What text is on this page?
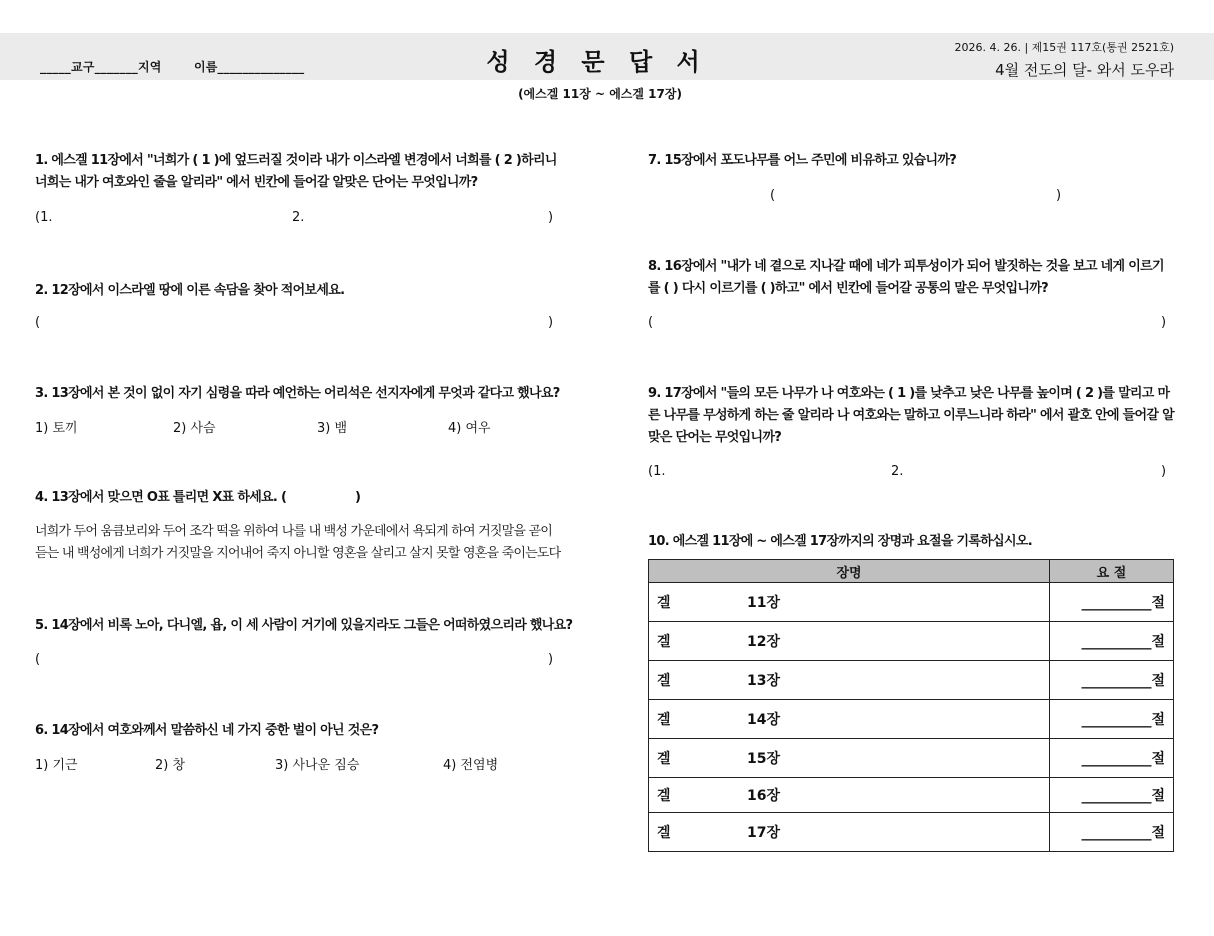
_____교구_______지역	이름______________	성 경 문 답 서
(에스겔 11장 ~ 에스겔 17장)
2026. 4. 26. | 제15권 117호(통권 2521호)
4월 전도의 달- 와서 도우라
1. 에스겔 11장에서 "너희가 ( 1 )에 엎드러질 것이라 내가 이스라엘 변경에서 너희를 ( 2 )하리니 너희는 내가 여호와인 줄을 알리라" 에서 빈칸에 들어갈 알맞은 단어는 무엇입니까?
(1.	2.	)
2. 12장에서 이스라엘 땅에 이른 속담을 찾아 적어보세요.
(	)
3. 13장에서 본 것이 없이 자기 심령을 따라 예언하는 어리석은 선지자에게 무엇과 같다고 했나요?
1) 토끼	2) 사슴	3) 뱀	4) 여우
4. 13장에서 맞으면 O표 틀리면 X표 하세요. (	)
너희가 두어 움큼보리와 두어 조각 떡을 위하여 나를 내 백성 가운데에서 욕되게 하여 거짓말을 곧이 듣는 내 백성에게 너희가 거짓말을 지어내어 죽지 아니할 영혼을 살리고 살지 못할 영혼을 죽이는도다
5. 14장에서 비록 노아, 다니엘, 욥, 이 세 사람이 거기에 있을지라도 그들은 어떠하였으리라 했나요?
(	)
6. 14장에서 여호와께서 말씀하신 네 가지 중한 벌이 아닌 것은?
1) 기근	2) 창	3) 사나운 짐승	4) 전염병
7. 15장에서 포도나무를 어느 주민에 비유하고 있습니까?
(	)
8. 16장에서 "내가 네 곁으로 지나갈 때에 네가 피투성이가 되어 발짓하는 것을 보고 네게 이르기를 ( ) 다시 이르기를 ( )하고" 에서 빈칸에 들어갈 공통의 말은 무엇입니까?
(	)
9. 17장에서 "들의 모든 나무가 나 여호와는 ( 1 )를 낮추고 낮은 나무를 높이며 ( 2 )를 말리고 마른 나무를 무성하게 하는 줄 알리라 나 여호와는 말하고 이루느니라 하라" 에서 괄호 안에 들어갈 알맞은 단어는 무엇입니까?
(1.	2.	)
10. 에스겔 11장에 ~ 에스겔 17장까지의 장명과 요절을 기록하십시오.
장명	요 절
겔 11장	__________절
겔 12장	__________절
겔 13장	__________절
겔 14장	__________절
겔 15장	__________절
겔 16장	__________절
겔 17장	__________절
